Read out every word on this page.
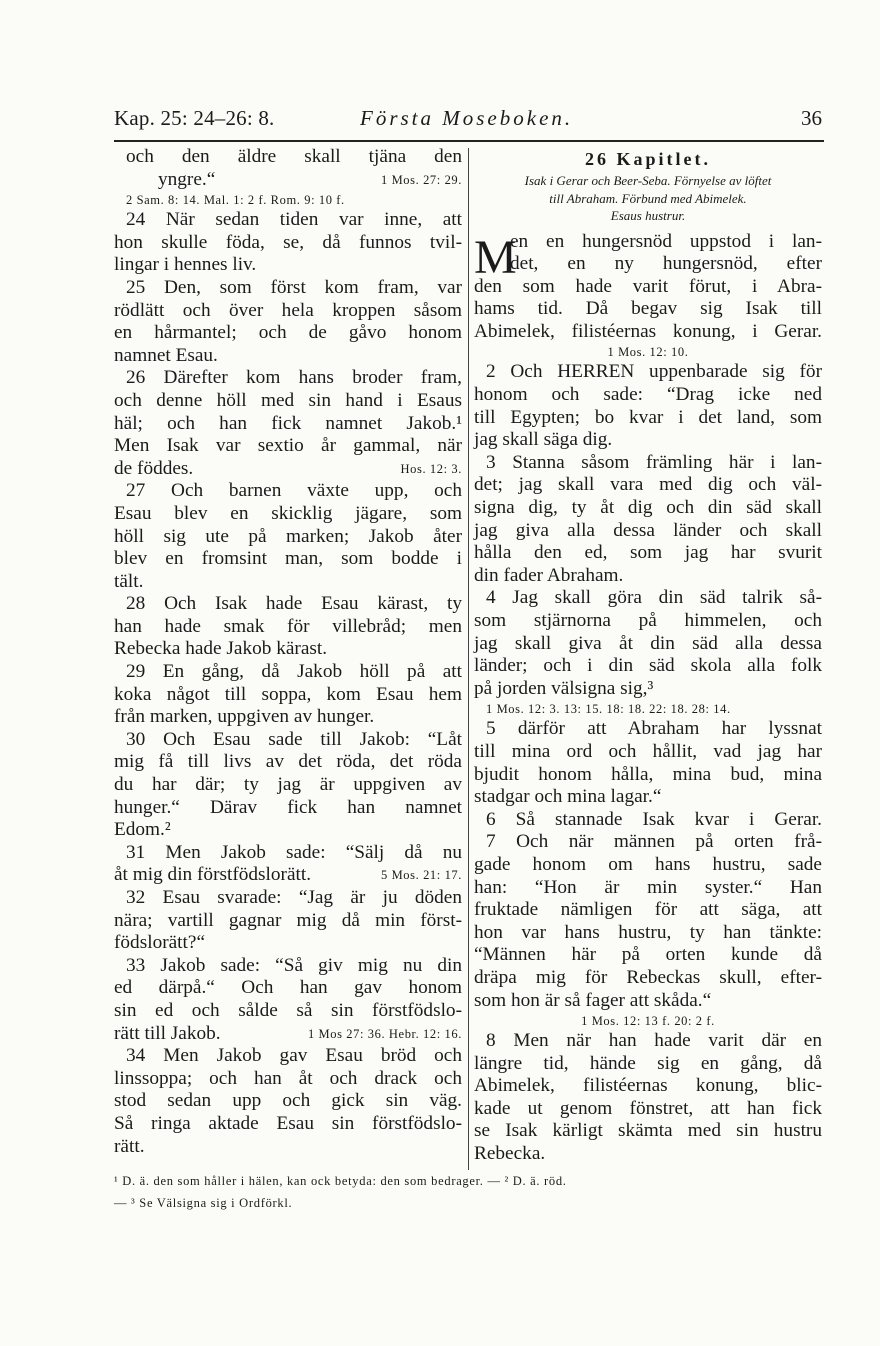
Kap. 25: 24–26: 8.	Första Moseboken.	36
och den äldre skall tjäna den
yngre.“	1 Mos. 27: 29.
2 Sam. 8: 14. Mal. 1: 2 f. Rom. 9: 10 f.
24 När sedan tiden var inne, att
hon skulle föda, se, då funnos tvil-
lingar i hennes liv.
25 Den, som först kom fram, var
rödlätt och över hela kroppen såsom
en hårmantel; och de gåvo honom
namnet Esau.
26 Därefter kom hans broder fram,
och denne höll med sin hand i Esaus
häl; och han fick namnet Jakob.¹
Men Isak var sextio år gammal, när
de föddes.	Hos. 12: 3.
27 Och barnen växte upp, och
Esau blev en skicklig jägare, som
höll sig ute på marken; Jakob åter
blev en fromsint man, som bodde i
tält.
28 Och Isak hade Esau kärast, ty
han hade smak för villebråd; men
Rebecka hade Jakob kärast.
29 En gång, då Jakob höll på att
koka något till soppa, kom Esau hem
från marken, uppgiven av hunger.
30 Och Esau sade till Jakob: “Låt
mig få till livs av det röda, det röda
du har där; ty jag är uppgiven av
hunger.“ Därav fick han namnet
Edom.²
31 Men Jakob sade: “Sälj då nu
åt mig din förstfödslorätt.	5 Mos. 21: 17.
32 Esau svarade: “Jag är ju döden
nära; vartill gagnar mig då min först-
födslorätt?“
33 Jakob sade: “Så giv mig nu din
ed därpå.“ Och han gav honom
sin ed och sålde så sin förstfödslo-
rätt till Jakob.	1 Mos 27: 36. Hebr. 12: 16.
34 Men Jakob gav Esau bröd och
linssoppa; och han åt och drack och
stod sedan upp och gick sin väg.
Så ringa aktade Esau sin förstfödslo-
rätt.
26 Kapitlet.
Isak i Gerar och Beer-Seba. Förnyelse av löftet
till Abraham. Förbund med Abimelek.
Esaus hustrur.
M
en en hungersnöd uppstod i lan-
det, en ny hungersnöd, efter
den som hade varit förut, i Abra-
hams tid. Då begav sig Isak till
Abimelek, filistéernas konung, i Gerar.
1 Mos. 12: 10.
2 Och HERREN uppenbarade sig för
honom och sade: “Drag icke ned
till Egypten; bo kvar i det land, som
jag skall säga dig.
3 Stanna såsom främling här i lan-
det; jag skall vara med dig och väl-
signa dig, ty åt dig och din säd skall
jag giva alla dessa länder och skall
hålla den ed, som jag har svurit
din fader Abraham.
4 Jag skall göra din säd talrik så-
som stjärnorna på himmelen, och
jag skall giva åt din säd alla dessa
länder; och i din säd skola alla folk
på jorden välsigna sig,³
1 Mos. 12: 3. 13: 15. 18: 18. 22: 18. 28: 14.
5 därför att Abraham har lyssnat
till mina ord och hållit, vad jag har
bjudit honom hålla, mina bud, mina
stadgar och mina lagar.“
6 Så stannade Isak kvar i Gerar.
7 Och när männen på orten frå-
gade honom om hans hustru, sade
han: “Hon är min syster.“ Han
fruktade nämligen för att säga, att
hon var hans hustru, ty han tänkte:
“Männen här på orten kunde då
dräpa mig för Rebeckas skull, efter-
som hon är så fager att skåda.“
1 Mos. 12: 13 f. 20: 2 f.
8 Men när han hade varit där en
längre tid, hände sig en gång, då
Abimelek, filistéernas konung, blic-
kade ut genom fönstret, att han fick
se Isak kärligt skämta med sin hustru
Rebecka.
¹ D. ä. den som håller i hälen, kan ock betyda: den som bedrager. — ² D. ä. röd.
— ³ Se Välsigna sig i Ordförkl.
